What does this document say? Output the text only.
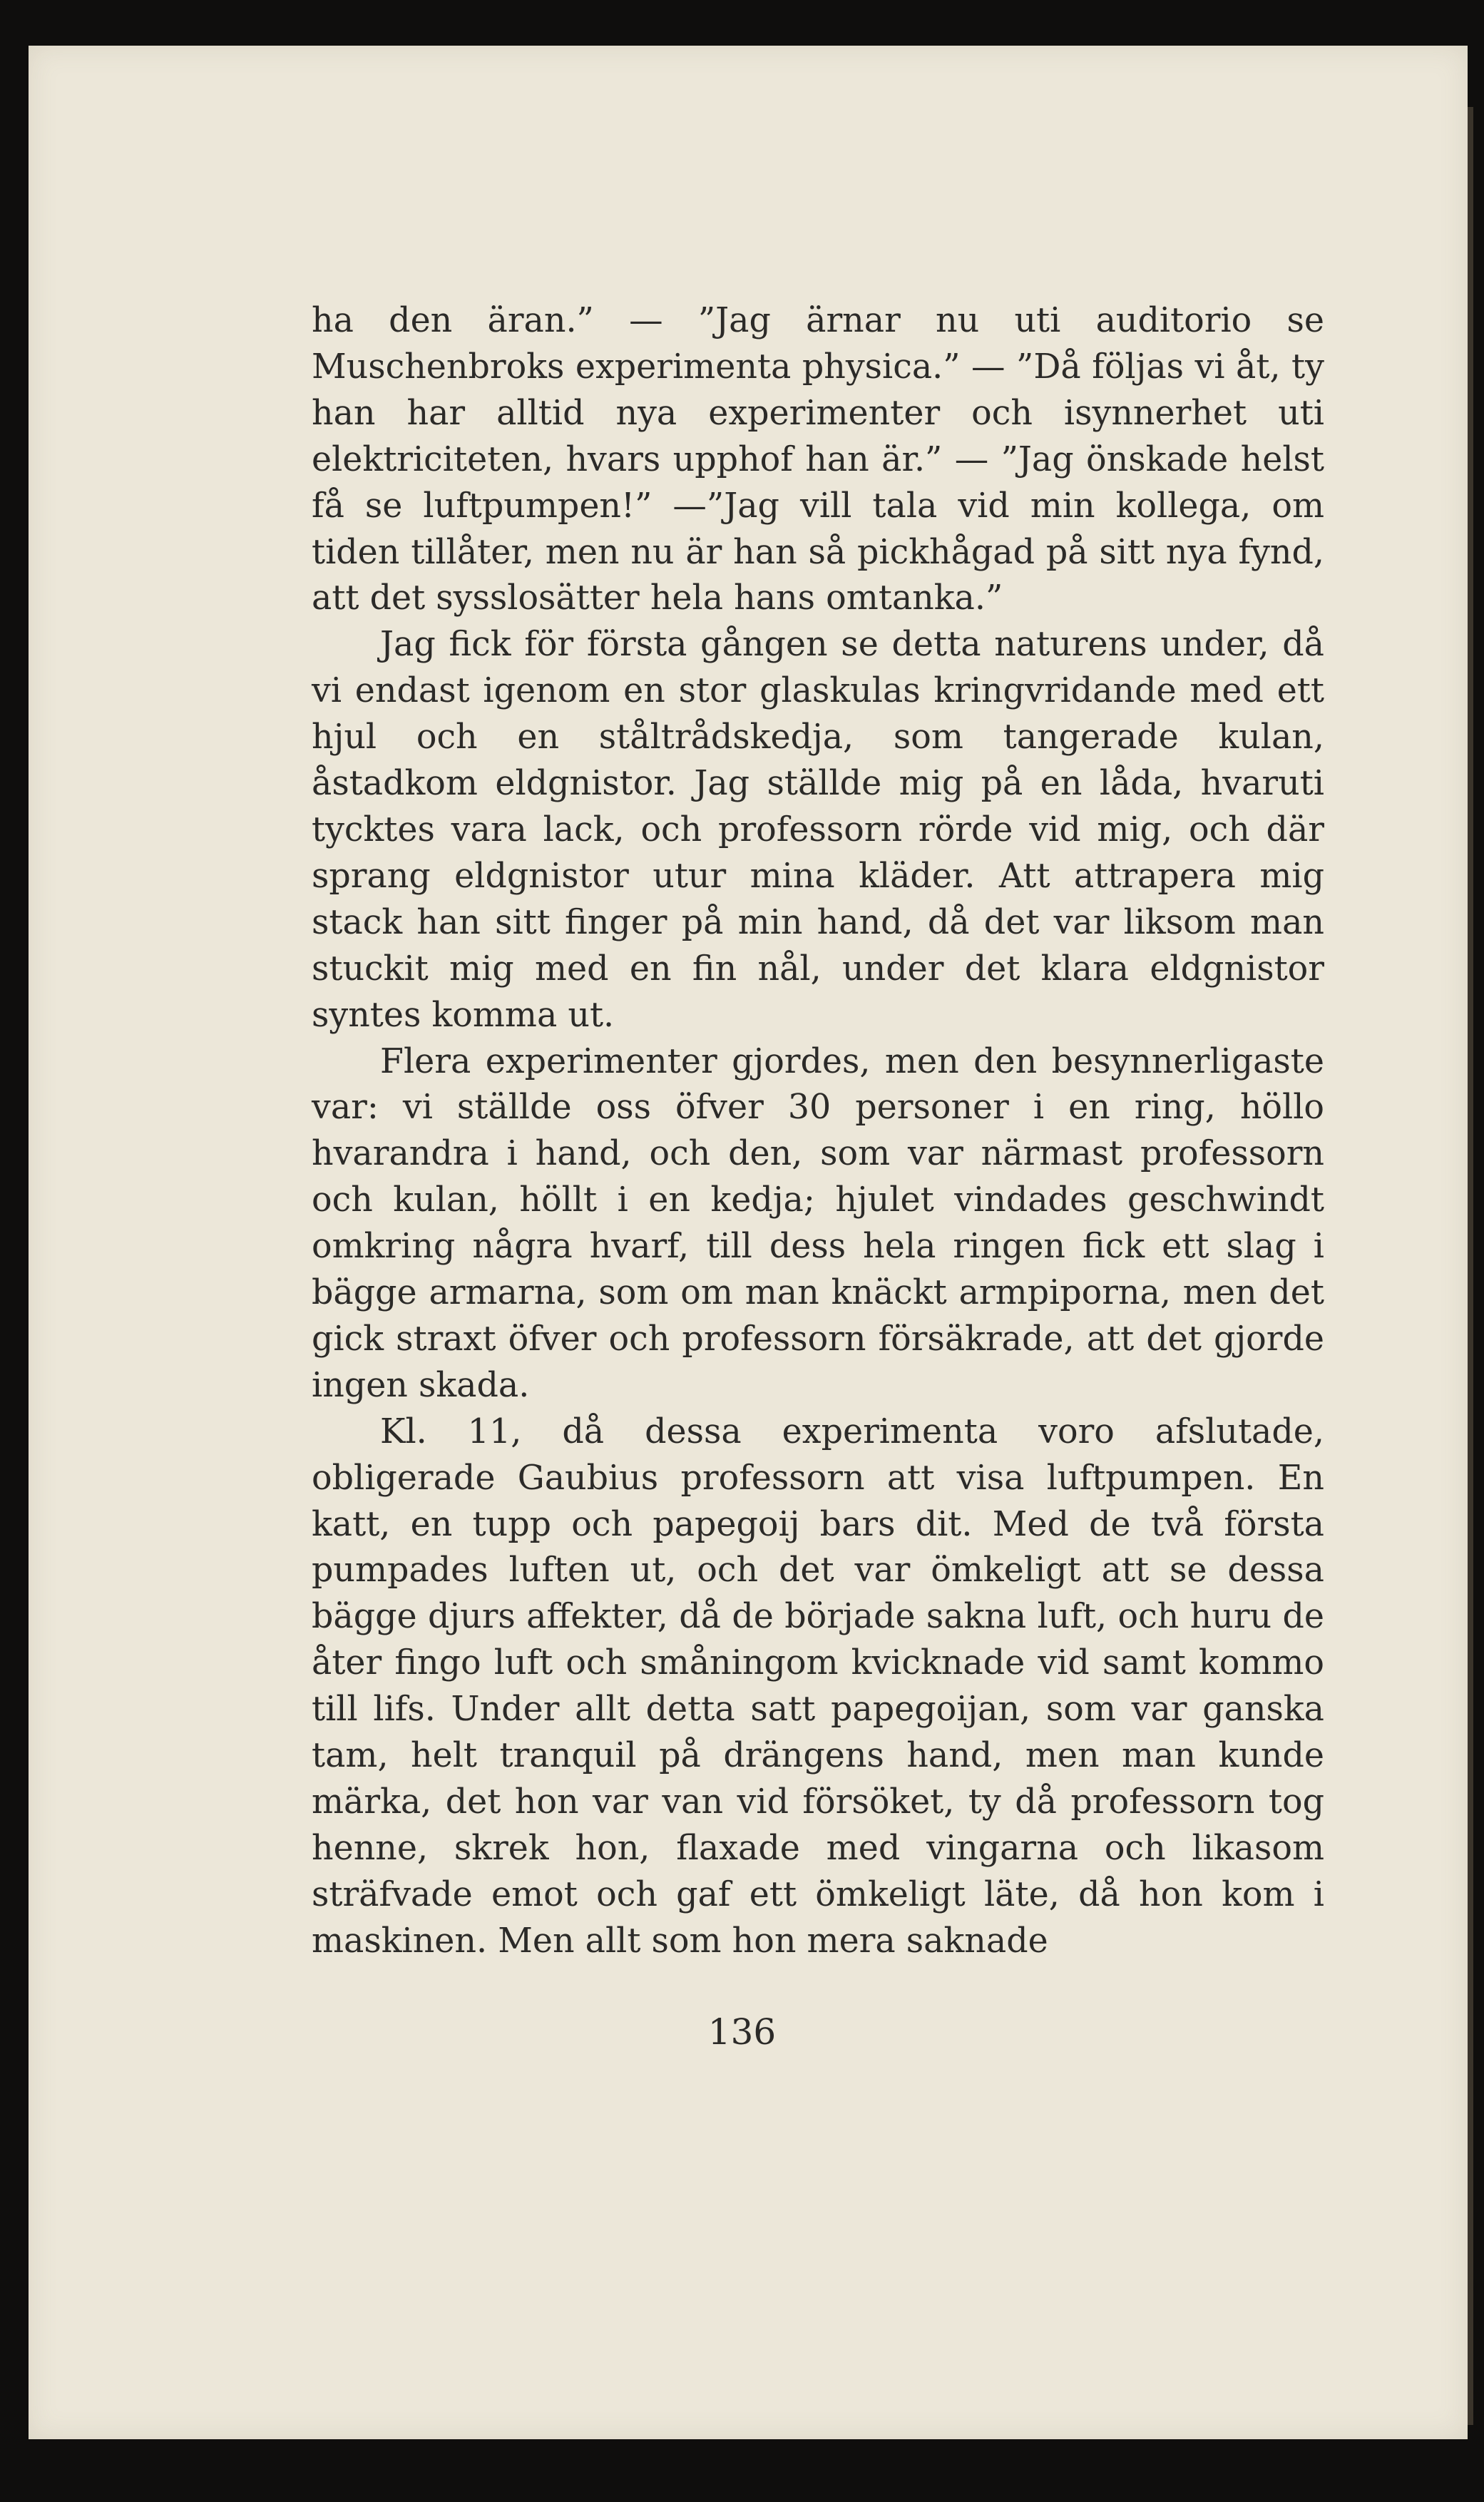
ha den äran.” — ”Jag ärnar nu uti auditorio se Muschenbroks experimenta physica.” — ”Då följas vi åt, ty han har alltid nya experimenter och isynnerhet uti elektriciteten, hvars upphof han är.” — ”Jag önskade helst få se luftpumpen!” —”Jag vill tala vid min kollega, om tiden tillåter, men nu är han så pickhågad på sitt nya fynd, att det sysslosätter hela hans omtanka.”

Jag fick för första gången se detta naturens under, då vi endast igenom en stor glaskulas kringvridande med ett hjul och en ståltrådskedja, som tangerade kulan, åstadkom eldgnistor. Jag ställde mig på en låda, hvaruti tycktes vara lack, och professorn rörde vid mig, och där sprang eldgnistor utur mina kläder. Att attrapera mig stack han sitt finger på min hand, då det var liksom man stuckit mig med en fin nål, under det klara eldgnistor syntes komma ut.

Flera experimenter gjordes, men den besynnerligaste var: vi ställde oss öfver 30 personer i en ring, höllo hvarandra i hand, och den, som var närmast professorn och kulan, höllt i en kedja; hjulet vindades geschwindt omkring några hvarf, till dess hela ringen fick ett slag i bägge armarna, som om man knäckt armpiporna, men det gick straxt öfver och professorn försäkrade, att det gjorde ingen skada.

Kl. 11, då dessa experimenta voro afslutade, obligerade Gaubius professorn att visa luftpumpen. En katt, en tupp och papegoij bars dit. Med de två första pumpades luften ut, och det var ömkeligt att se dessa bägge djurs affekter, då de började sakna luft, och huru de åter fingo luft och småningom kvicknade vid samt kommo till lifs. Under allt detta satt papegoijan, som var ganska tam, helt tranquil på drängens hand, men man kunde märka, det hon var van vid försöket, ty då professorn tog henne, skrek hon, flaxade med vingarna och likasom sträfvade emot och gaf ett ömkeligt läte, då hon kom i maskinen. Men allt som hon mera saknade

136
